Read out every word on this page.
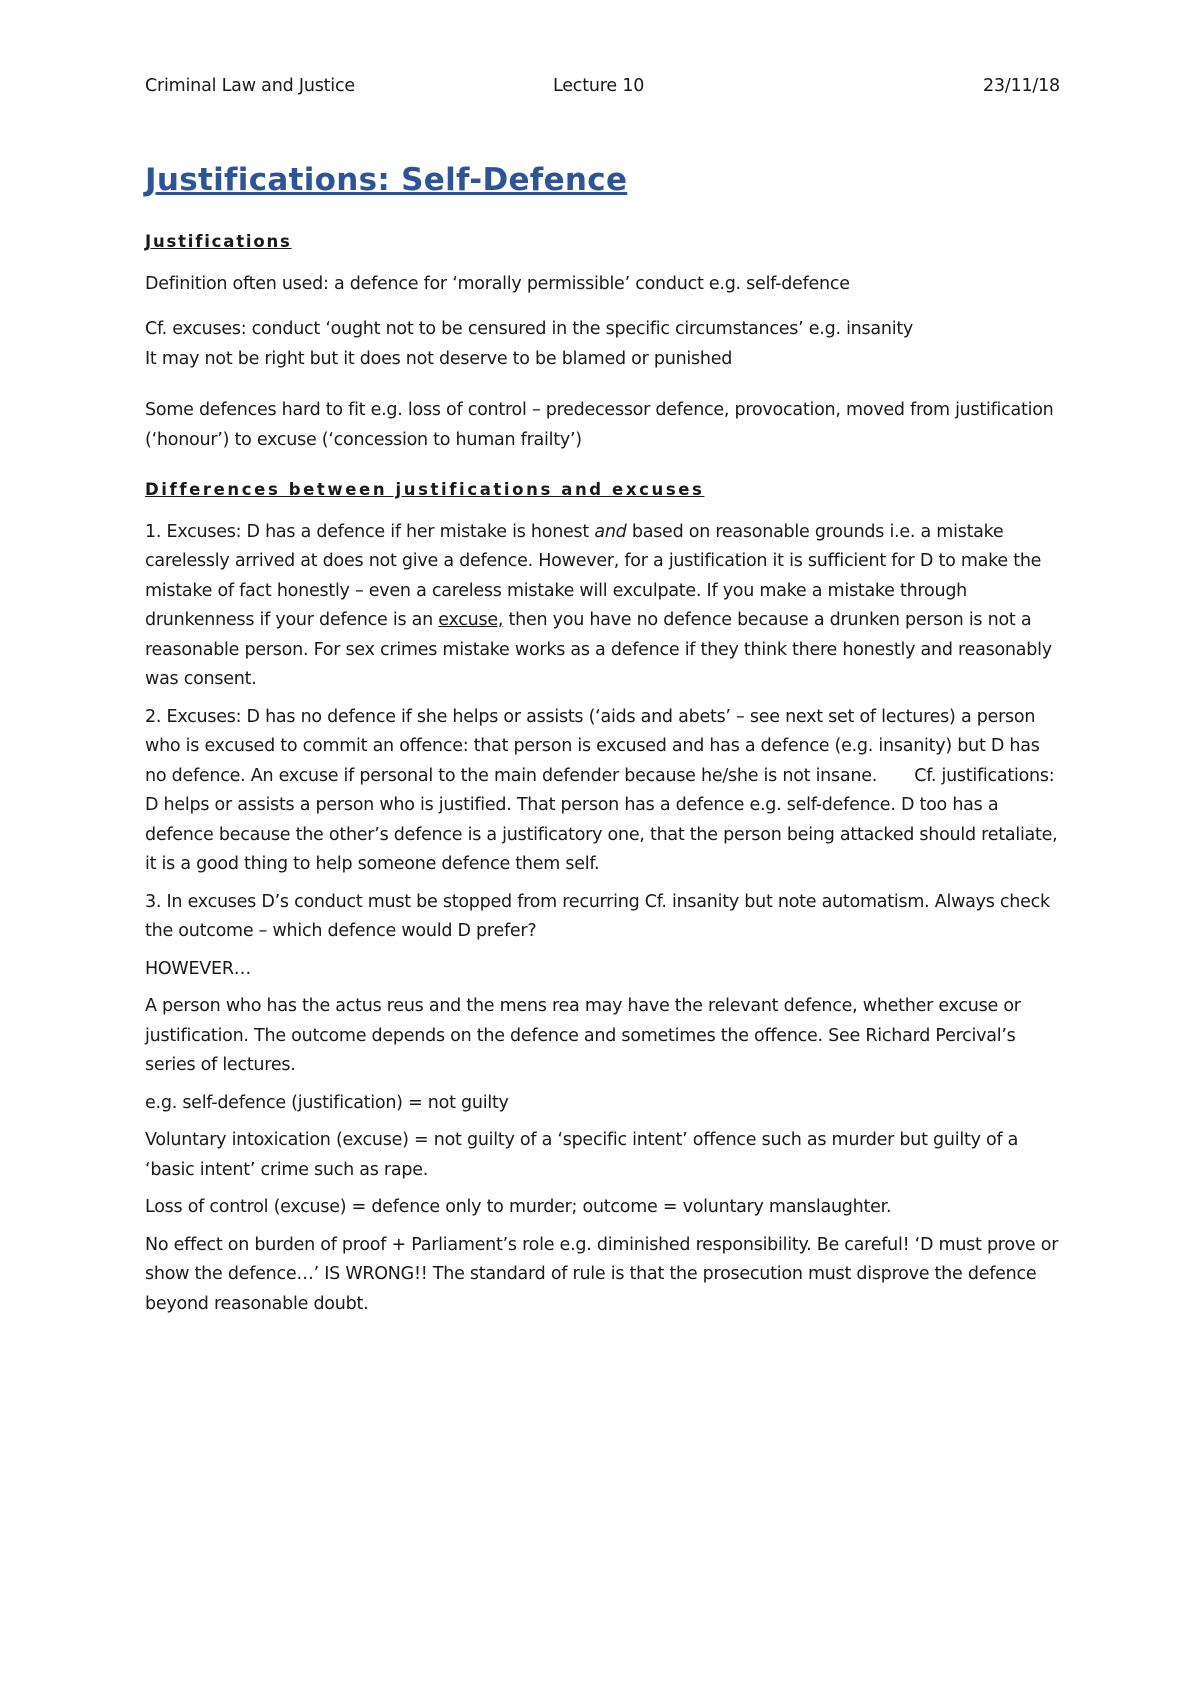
Criminal Law and Justice	Lecture 10	23/11/18
Justifications: Self-Defence
Justifications

Definition often used: a defence for ‘morally permissible’ conduct e.g. self-defence

Cf. excuses: conduct ‘ought not to be censured in the specific circumstances’ e.g. insanity
It may not be right but it does not deserve to be blamed or punished

Some defences hard to fit e.g. loss of control – predecessor defence, provocation, moved from justification (‘honour’) to excuse (‘concession to human frailty’)

Differences between justifications and excuses

1. Excuses: D has a defence if her mistake is honest and based on reasonable grounds i.e. a mistake carelessly arrived at does not give a defence. However, for a justification it is sufficient for D to make the mistake of fact honestly – even a careless mistake will exculpate. If you make a mistake through drunkenness if your defence is an excuse, then you have no defence because a drunken person is not a reasonable person. For sex crimes mistake works as a defence if they think there honestly and reasonably was consent.

2. Excuses: D has no defence if she helps or assists (‘aids and abets’ – see next set of lectures) a person who is excused to commit an offence: that person is excused and has a defence (e.g. insanity) but D has no defence. An excuse if personal to the main defender because he/she is not insane.       Cf. justifications: D helps or assists a person who is justified. That person has a defence e.g. self-defence. D too has a defence because the other’s defence is a justificatory one, that the person being attacked should retaliate, it is a good thing to help someone defence them self.

3. In excuses D’s conduct must be stopped from recurring Cf. insanity but note automatism. Always check the outcome – which defence would D prefer?

HOWEVER…

A person who has the actus reus and the mens rea may have the relevant defence, whether excuse or justification. The outcome depends on the defence and sometimes the offence. See Richard Percival’s series of lectures.

e.g. self-defence (justification) = not guilty

Voluntary intoxication (excuse) = not guilty of a ‘specific intent’ offence such as murder but guilty of a ‘basic intent’ crime such as rape.

Loss of control (excuse) = defence only to murder; outcome = voluntary manslaughter.

No effect on burden of proof + Parliament’s role e.g. diminished responsibility. Be careful! ‘D must prove or show the defence…’ IS WRONG!! The standard of rule is that the prosecution must disprove the defence beyond reasonable doubt.
